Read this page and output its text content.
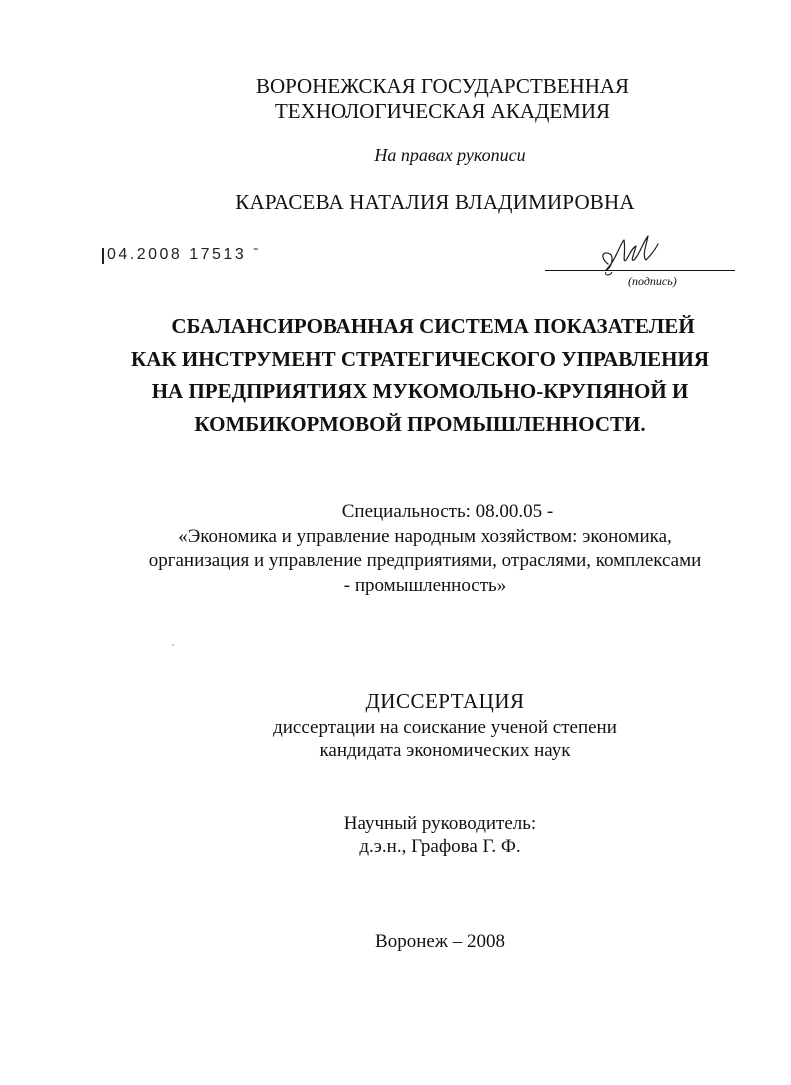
ВОРОНЕЖСКАЯ ГОСУДАРСТВЕННАЯ
ТЕХНОЛОГИЧЕСКАЯ АКАДЕМИЯ
На правах рукописи
КАРАСЕВА НАТАЛИЯ ВЛАДИМИРОВНА
04.2008 17513 ˉ
(подпись)
СБАЛАНСИРОВАННАЯ СИСТЕМА ПОКАЗАТЕЛЕЙ
КАК ИНСТРУМЕНТ СТРАТЕГИЧЕСКОГО УПРАВЛЕНИЯ
НА ПРЕДПРИЯТИЯХ МУКОМОЛЬНО-КРУПЯНОЙ И
КОМБИКОРМОВОЙ ПРОМЫШЛЕННОСТИ.
Специальность: 08.00.05 -
«Экономика и управление народным хозяйством: экономика,
организация и управление предприятиями, отраслями, комплексами
- промышленность»
ˊ
ДИССЕРТАЦИЯ
диссертации на соискание ученой степени
кандидата экономических наук
Научный руководитель:
д.э.н., Графова Г. Ф.
Воронеж – 2008
